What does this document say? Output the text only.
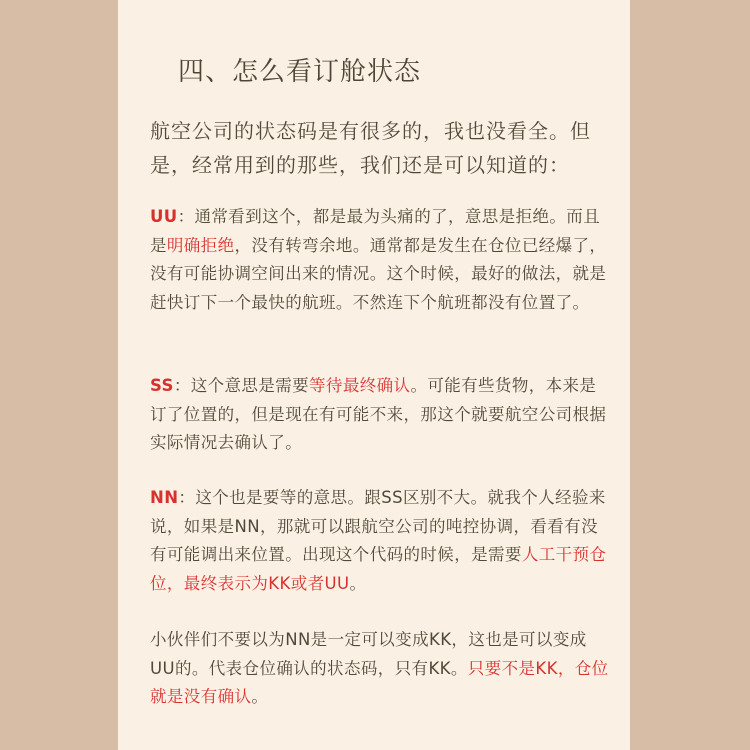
四、怎么看订舱状态

航空公司的状态码是有很多的，我也没看全。但是，经常用到的那些，我们还是可以知道的：

UU：通常看到这个，都是最为头痛的了，意思是拒绝。而且是明确拒绝，没有转弯余地。通常都是发生在仓位已经爆了，没有可能协调空间出来的情况。这个时候，最好的做法，就是赶快订下一个最快的航班。不然连下个航班都没有位置了。

SS：这个意思是需要等待最终确认。可能有些货物，本来是订了位置的，但是现在有可能不来，那这个就要航空公司根据实际情况去确认了。

NN：这个也是要等的意思。跟SS区别不大。就我个人经验来说，如果是NN，那就可以跟航空公司的吨控协调，看看有没有可能调出来位置。出现这个代码的时候，是需要人工干预仓位，最终表示为KK或者UU。

小伙伴们不要以为NN是一定可以变成KK，这也是可以变成UU的。代表仓位确认的状态码，只有KK。只要不是KK，仓位就是没有确认。
